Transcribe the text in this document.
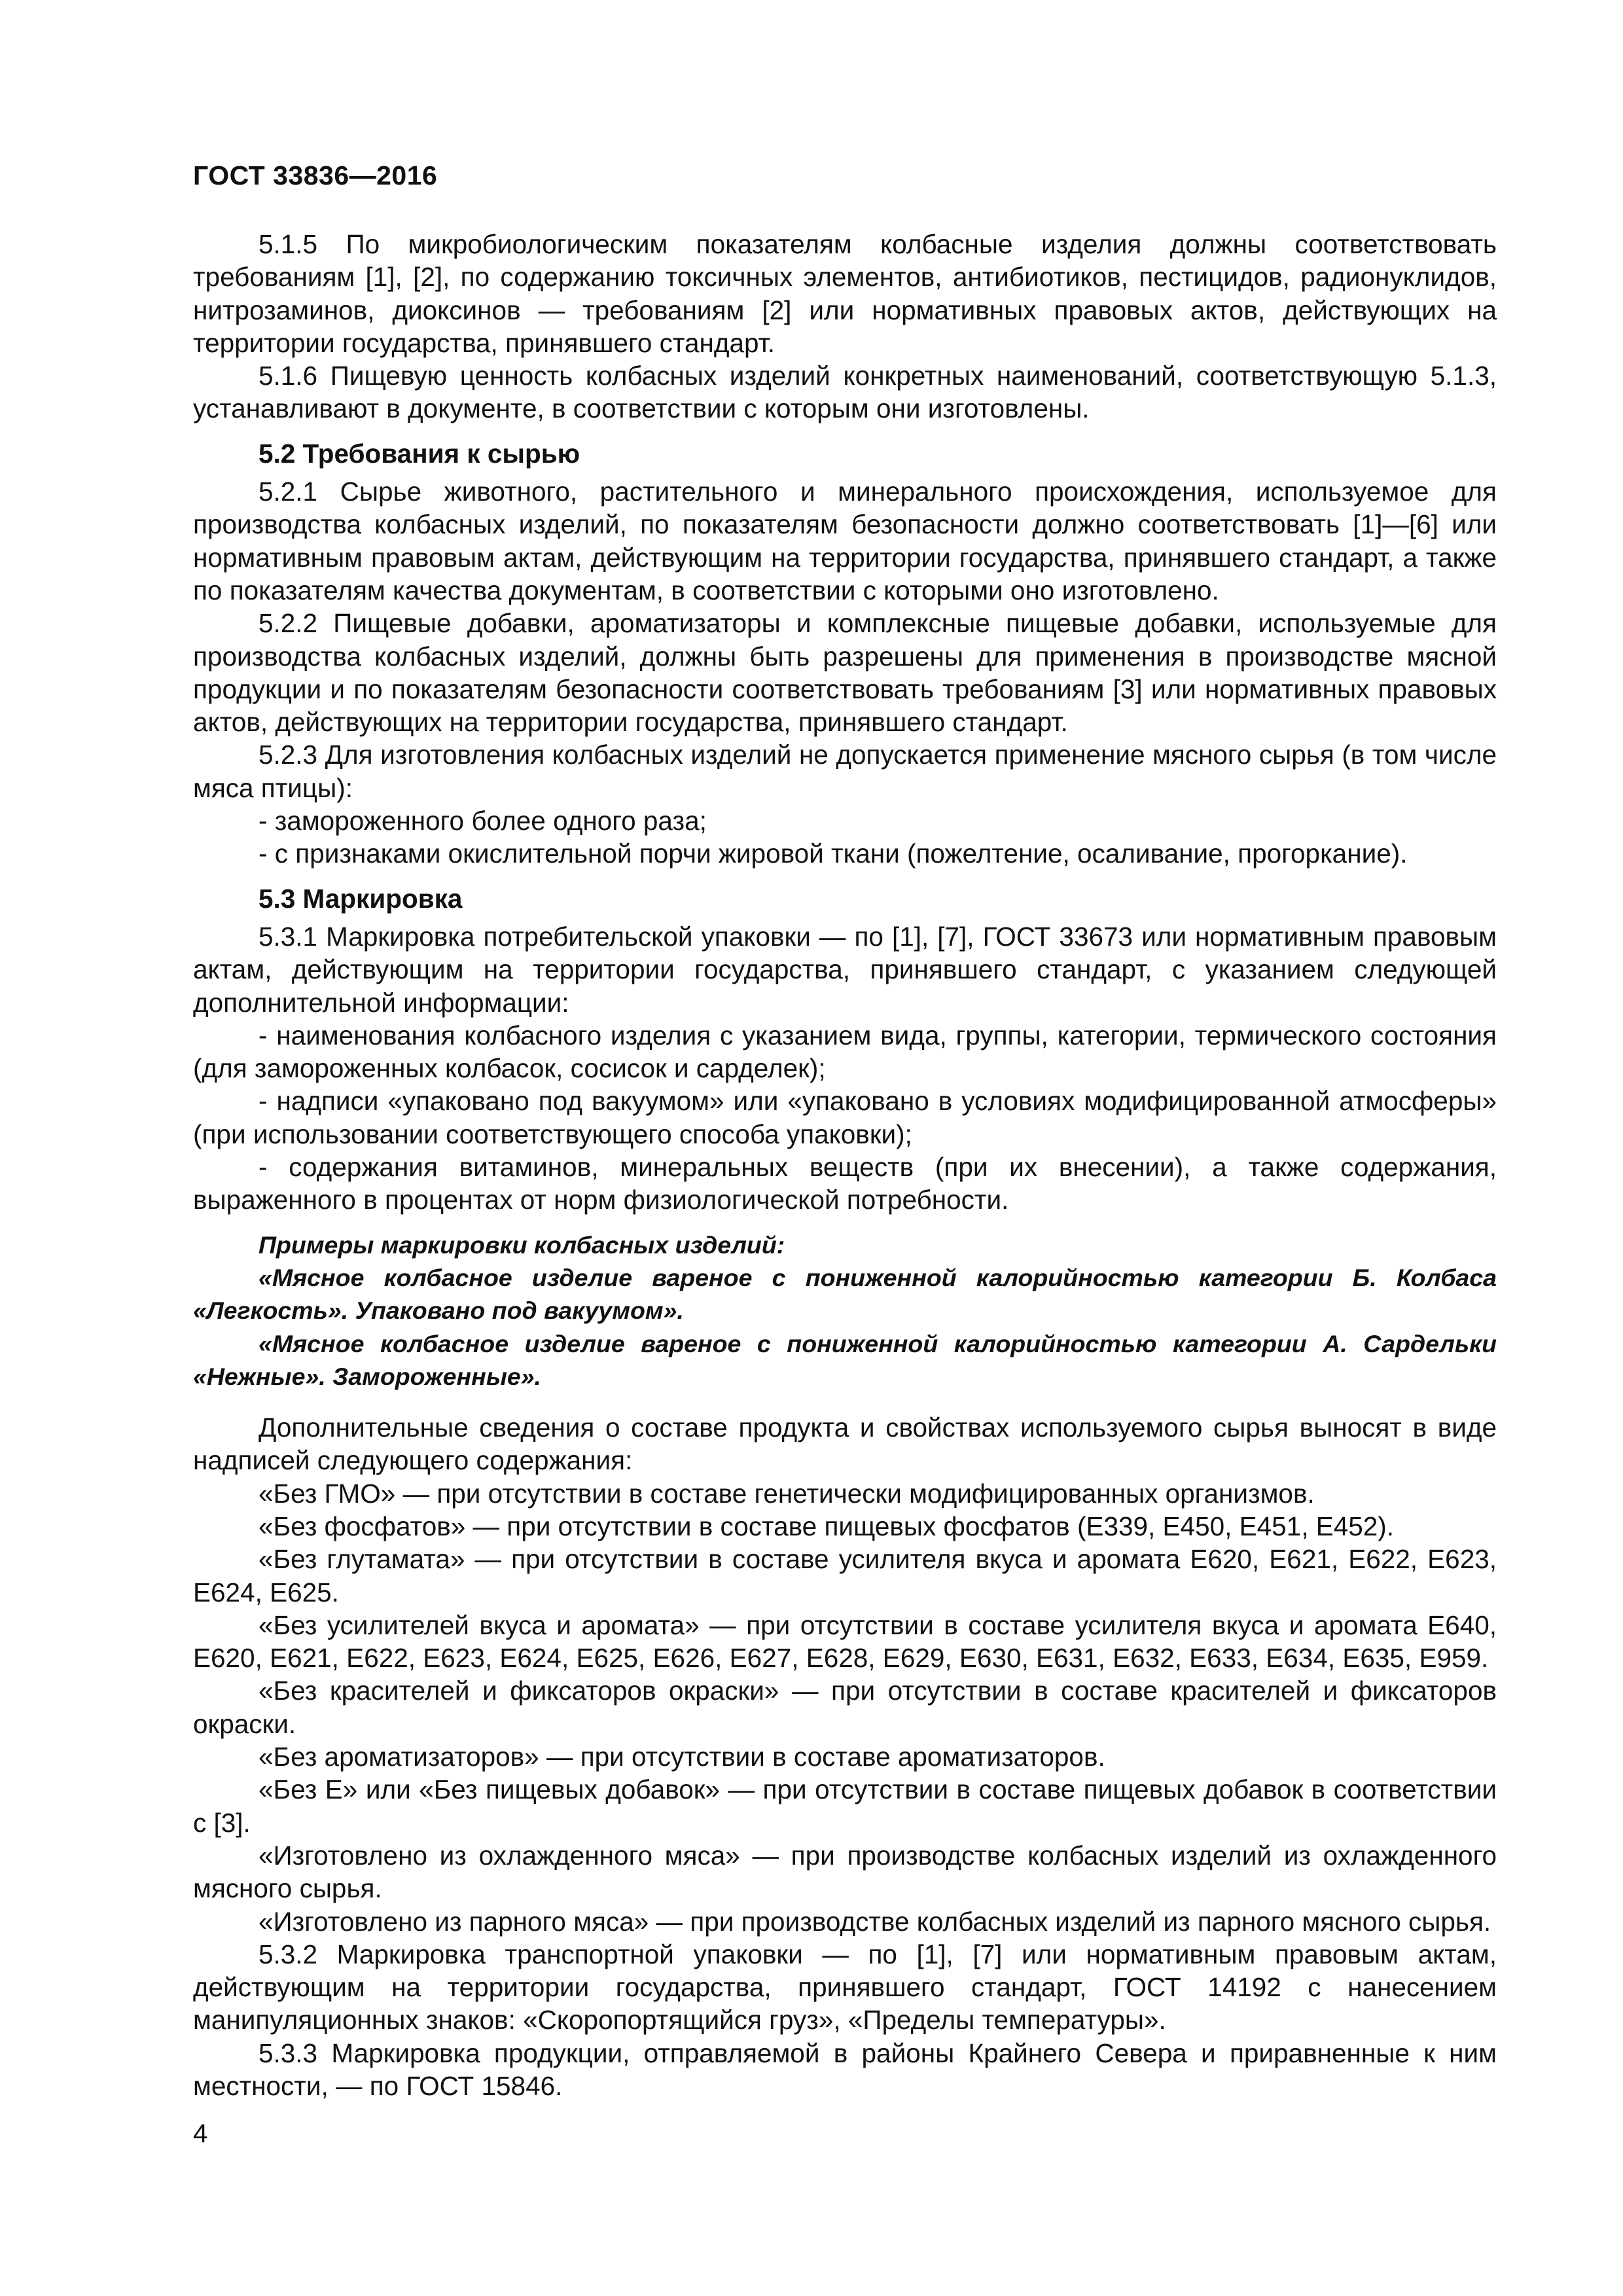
ГОСТ 33836—2016

5.1.5 По микробиологическим показателям колбасные изделия должны соответствовать требованиям [1], [2], по содержанию токсичных элементов, антибиотиков, пестицидов, радионуклидов, нитрозаминов, диоксинов — требованиям [2] или нормативных правовых актов, действующих на территории государства, принявшего стандарт.

5.1.6 Пищевую ценность колбасных изделий конкретных наименований, соответствующую 5.1.3, устанавливают в документе, в соответствии с которым они изготовлены.

5.2 Требования к сырью

5.2.1 Сырье животного, растительного и минерального происхождения, используемое для производства колбасных изделий, по показателям безопасности должно соответствовать [1]—[6] или нормативным правовым актам, действующим на территории государства, принявшего стандарт, а также по показателям качества документам, в соответствии с которыми оно изготовлено.

5.2.2 Пищевые добавки, ароматизаторы и комплексные пищевые добавки, используемые для производства колбасных изделий, должны быть разрешены для применения в производстве мясной продукции и по показателям безопасности соответствовать требованиям [3] или нормативных правовых актов, действующих на территории государства, принявшего стандарт.

5.2.3 Для изготовления колбасных изделий не допускается применение мясного сырья (в том числе мяса птицы):

- замороженного более одного раза;

- с признаками окислительной порчи жировой ткани (пожелтение, осаливание, прогоркание).

5.3 Маркировка

5.3.1 Маркировка потребительской упаковки — по [1], [7], ГОСТ 33673 или нормативным правовым актам, действующим на территории государства, принявшего стандарт, с указанием следующей дополнительной информации:

- наименования колбасного изделия с указанием вида, группы, категории, термического состояния (для замороженных колбасок, сосисок и сарделек);

- надписи «упаковано под вакуумом» или «упаковано в условиях модифицированной атмосферы» (при использовании соответствующего способа упаковки);

- содержания витаминов, минеральных веществ (при их внесении), а также содержания, выраженного в процентах от норм физиологической потребности.

Примеры маркировки колбасных изделий:

«Мясное колбасное изделие вареное с пониженной калорийностью категории Б. Колбаса «Легкость». Упаковано под вакуумом».

«Мясное колбасное изделие вареное с пониженной калорийностью категории А. Сардельки «Нежные». Замороженные».

Дополнительные сведения о составе продукта и свойствах используемого сырья выносят в виде надписей следующего содержания:

«Без ГМО» — при отсутствии в составе генетически модифицированных организмов.

«Без фосфатов» — при отсутствии в составе пищевых фосфатов (Е339, Е450, Е451, Е452).

«Без глутамата» — при отсутствии в составе усилителя вкуса и аромата Е620, Е621, Е622, Е623, Е624, Е625.

«Без усилителей вкуса и аромата» — при отсутствии в составе усилителя вкуса и аромата Е640, Е620, Е621, Е622, Е623, Е624, Е625, Е626, Е627, Е628, Е629, Е630, Е631, Е632, Е633, Е634, Е635, Е959.

«Без красителей и фиксаторов окраски» — при отсутствии в составе красителей и фиксаторов окраски.

«Без ароматизаторов» — при отсутствии в составе ароматизаторов.

«Без Е» или «Без пищевых добавок» — при отсутствии в составе пищевых добавок в соответствии с [3].

«Изготовлено из охлажденного мяса» — при производстве колбасных изделий из охлажденного мясного сырья.

«Изготовлено из парного мяса» — при производстве колбасных изделий из парного мясного сырья.

5.3.2 Маркировка транспортной упаковки — по [1], [7] или нормативным правовым актам, действующим на территории государства, принявшего стандарт, ГОСТ 14192 с нанесением манипуляционных знаков: «Скоропортящийся груз», «Пределы температуры».

5.3.3 Маркировка продукции, отправляемой в районы Крайнего Севера и приравненные к ним местности, — по ГОСТ 15846.

4
